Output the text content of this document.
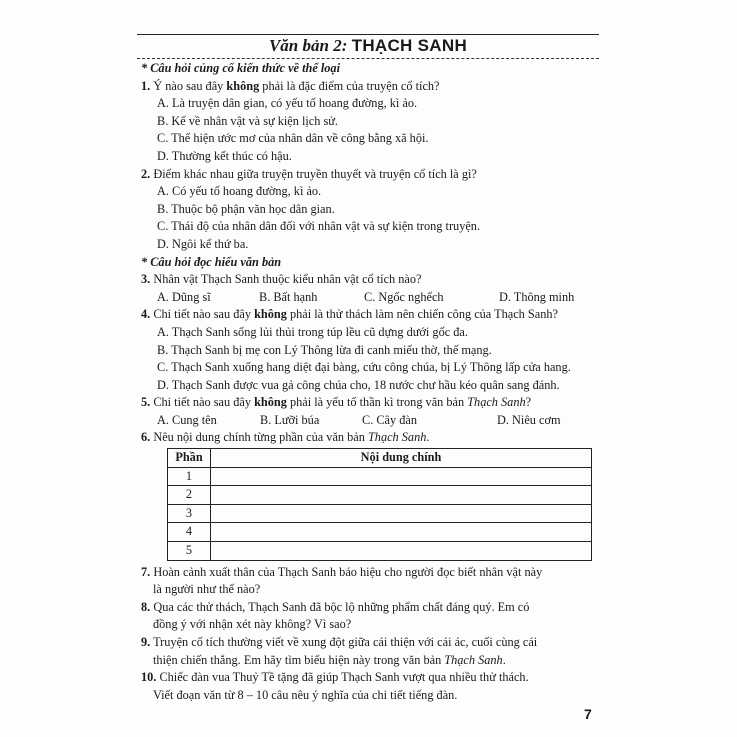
Văn bản 2: THẠCH SANH
* Câu hỏi củng cố kiến thức về thể loại
1. Ý nào sau đây không phải là đặc điểm của truyện cổ tích?
A. Là truyện dân gian, có yếu tố hoang đường, kì ảo.
B. Kể về nhân vật và sự kiện lịch sử.
C. Thể hiện ước mơ của nhân dân về công bằng xã hội.
D. Thường kết thúc có hậu.
2. Điểm khác nhau giữa truyện truyền thuyết và truyện cổ tích là gì?
A. Có yếu tố hoang đường, kì ảo.
B. Thuộc bộ phận văn học dân gian.
C. Thái độ của nhân dân đối với nhân vật và sự kiện trong truyện.
D. Ngôi kể thứ ba.
* Câu hỏi đọc hiểu văn bản
3. Nhân vật Thạch Sanh thuộc kiểu nhân vật cổ tích nào?
A. Dũng sĩ	B. Bất hạnh	C. Ngốc nghếch	D. Thông minh
4. Chi tiết nào sau đây không phải là thử thách làm nên chiến công của Thạch Sanh?
A. Thạch Sanh sống lủi thủi trong túp lều cũ dựng dưới gốc đa.
B. Thạch Sanh bị mẹ con Lý Thông lừa đi canh miếu thờ, thế mạng.
C. Thạch Sanh xuống hang diệt đại bàng, cứu công chúa, bị Lý Thông lấp cửa hang.
D. Thạch Sanh được vua gả công chúa cho, 18 nước chư hầu kéo quân sang đánh.
5. Chi tiết nào sau đây không phải là yếu tố thần kì trong văn bản Thạch Sanh?
A. Cung tên	B. Lưỡi búa	C. Cây đàn	D. Niêu cơm
6. Nêu nội dung chính từng phần của văn bản Thạch Sanh.
Phần	Nội dung chính
1	
2	
3	
4	
5	
7. Hoàn cảnh xuất thân của Thạch Sanh báo hiệu cho người đọc biết nhân vật này
là người như thế nào?
8. Qua các thử thách, Thạch Sanh đã bộc lộ những phẩm chất đáng quý. Em có
đồng ý với nhận xét này không? Vì sao?
9. Truyện cổ tích thường viết về xung đột giữa cái thiện với cái ác, cuối cùng cái
thiện chiến thắng. Em hãy tìm biểu hiện này trong văn bản Thạch Sanh.
10. Chiếc đàn vua Thuỷ Tề tặng đã giúp Thạch Sanh vượt qua nhiều thử thách.
Viết đoạn văn từ 8 – 10 câu nêu ý nghĩa của chi tiết tiếng đàn.
7
